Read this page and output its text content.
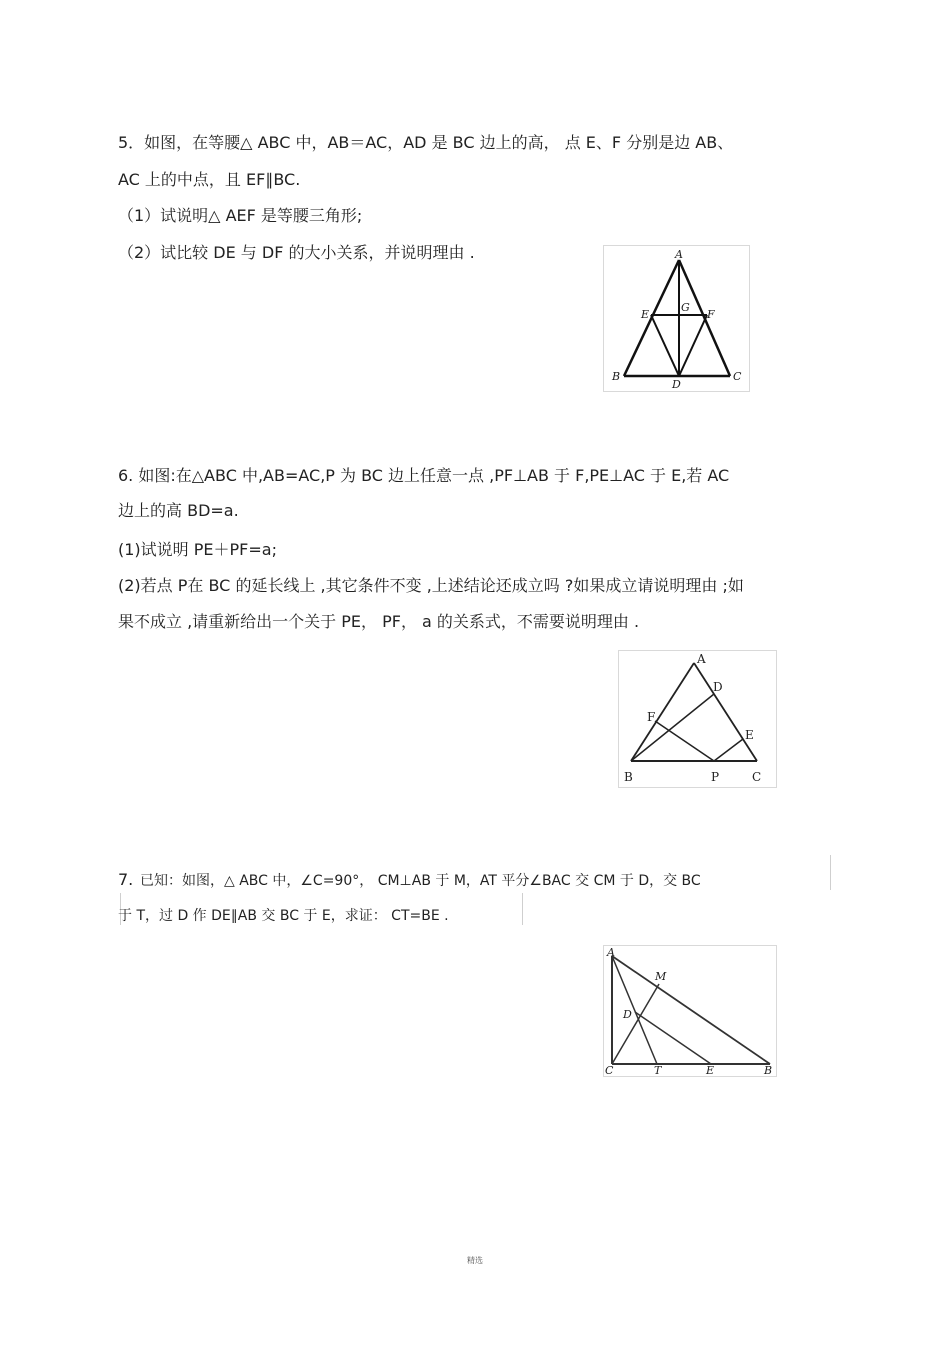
5．如图，在等腰△ ABC 中，AB＝AC，AD 是 BC 边上的高， 点 E、F 分别是边 AB、
AC 上的中点，且 EF∥BC.
（1）试说明△ AEF 是等腰三角形;
（2）试比较 DE 与 DF 的大小关系，并说明理由 .	A
B	C
D
E	F
G
6. 如图:在△ABC 中,AB=AC,P 为 BC 边上任意一点 ,PF⊥AB 于 F,PE⊥AC 于 E,若 AC
边上的高 BD=a.
(1)试说明 PE＋PF=a;
(2)若点 P在 BC 的延长线上 ,其它条件不变 ,上述结论还成立吗 ?如果成立请说明理由 ;如
果不成立 ,请重新给出一个关于 PE， PF， a 的关系式，不需要说明理由 .
A
B	C
D
E
F
P
7. 已知：如图，△ ABC 中，∠C=90°， CM⊥AB 于 M，AT 平分∠BAC 交 CM 于 D，交 BC
于 T，过 D 作 DE∥AB 交 BC 于 E，求证： CT=BE .
A
C	B
T	E
M
D
精选
